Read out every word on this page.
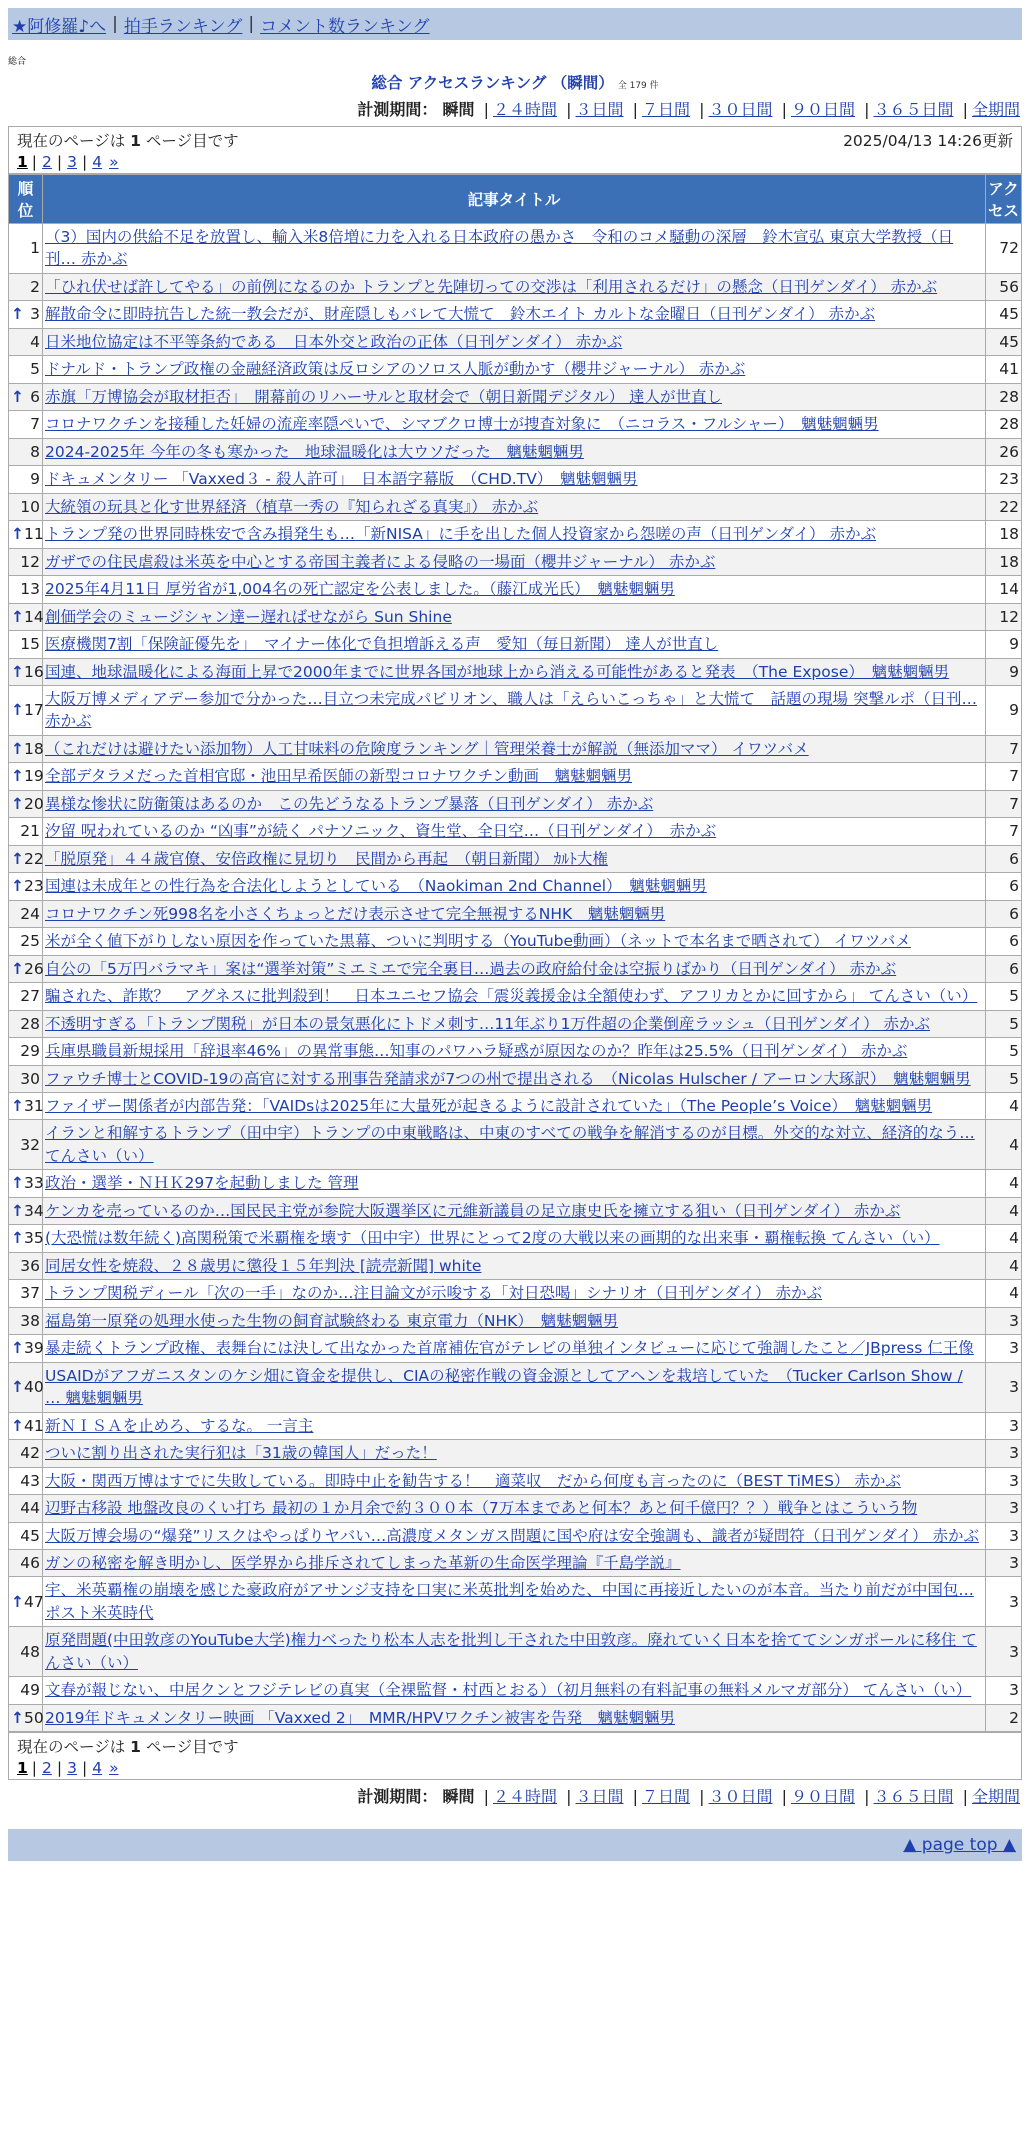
★阿修羅♪へ | 拍手ランキング | コメント数ランキング
総合
総合 アクセスランキング （瞬間） 全 179 件
計測期間： 瞬間 | ２４時間 | ３日間 | ７日間 | ３０日間 | ９０日間 | ３６５日間 | 全期間
現在のページは 1 ページ目です	2025/04/13 14:26更新
1 | 2 | 3 | 4 »
順位	記事タイトル	アクセス
1	（3）国内の供給不足を放置し、輸入米8倍増に力を入れる日本政府の愚かさ　令和のコメ騒動の深層　鈴木宣弘 東京大学教授（日刊… 赤かぶ	72
2	「ひれ伏せば許してやる」の前例になるのか トランプと先陣切っての交渉は「利用されるだけ」の懸念（日刊ゲンダイ） 赤かぶ	56

↑ 3	解散命令に即時抗告した統一教会だが、財産隠しもバレて大慌て　鈴木エイト カルトな金曜日（日刊ゲンダイ） 赤かぶ	45
4	日米地位協定は不平等条約である　日本外交と政治の正体（日刊ゲンダイ） 赤かぶ	45
5	ドナルド・トランプ政権の金融経済政策は反ロシアのソロス人脈が動かす（櫻井ジャーナル） 赤かぶ	41

↑ 6	赤旗「万博協会が取材拒否」　開幕前のリハーサルと取材会で（朝日新聞デジタル） 達人が世直し	28
7	コロナワクチンを接種した妊婦の流産率隠ぺいで、シマブクロ博士が捜査対象に　（ニコラス・フルシャー）　魑魅魍魎男	28
8	2024-2025年 今年の冬も寒かった　地球温暖化は大ウソだった　魑魅魍魎男	26
9	ドキュメンタリー 「Vaxxed３ - 殺人許可」　日本語字幕版　（CHD.TV）　魑魅魍魎男	23
10	大統領の玩具と化す世界経済（植草一秀の『知られざる真実』） 赤かぶ	22

↑ 11	トランプ発の世界同時株安で含み損発生も…「新NISA」に手を出した個人投資家から怨嗟の声（日刊ゲンダイ） 赤かぶ	18
12	ガザでの住民虐殺は米英を中心とする帝国主義者による侵略の一場面（櫻井ジャーナル） 赤かぶ	18
13	2025年4月11日 厚労省が1,004名の死亡認定を公表しました。（藤江成光氏）　魑魅魍魎男	14

↑ 14	創価学会のミュージシャン達ー遅ればせながら Sun Shine	12
15	医療機関7割「保険証優先を」　マイナー体化で負担増訴える声　愛知（毎日新聞） 達人が世直し	9

↑ 16	国連、地球温暖化による海面上昇で2000年までに世界各国が地球上から消える可能性があると発表　（The Expose）　魑魅魍魎男	9

↑ 17	大阪万博メディアデー参加で分かった…目立つ未完成パビリオン、職人は「えらいこっちゃ」と大慌て　話題の現場 突撃ルポ（日刊… 赤かぶ	9

↑ 18	（これだけは避けたい添加物）人工甘味料の危険度ランキング｜管理栄養士が解説（無添加ママ） イワツバメ	7

↑ 19	全部デタラメだった首相官邸・池田早希医師の新型コロナワクチン動画　魑魅魍魎男	7

↑ 20	異様な惨状に防衛策はあるのか　この先どうなるトランプ暴落（日刊ゲンダイ） 赤かぶ	7
21	汐留 呪われているのか “凶事”が続く パナソニック、資生堂、全日空…（日刊ゲンダイ）　赤かぶ	7

↑ 22	「脱原発」４４歳官僚、安倍政権に見切り　民間から再起　（朝日新聞） ｶﾙﾄ大権	6

↑ 23	国連は未成年との性行為を合法化しようとしている　（Naokiman 2nd Channel）　魑魅魍魎男	6
24	コロナワクチン死998名を小さくちょっとだけ表示させて完全無視するNHK　魑魅魍魎男	6
25	米が全く値下がりしない原因を作っていた黒幕、ついに判明する（YouTube動画）（ネットで本名まで晒されて） イワツバメ	6

↑ 26	自公の「5万円バラマキ」案は“選挙対策”ミエミエで完全裏目…過去の政府給付金は空振りばかり（日刊ゲンダイ） 赤かぶ	6
27	騙された、詐欺？　アグネスに批判殺到！　日本ユニセフ協会「震災義援金は全額使わず、アフリカとかに回すから」 てんさい（い）	5
28	不透明すぎる「トランプ関税」が日本の景気悪化にトドメ刺す…11年ぶり1万件超の企業倒産ラッシュ（日刊ゲンダイ） 赤かぶ	5
29	兵庫県職員新規採用「辞退率46%」の異常事態…知事のパワハラ疑惑が原因なのか？昨年は25.5%（日刊ゲンダイ） 赤かぶ	5
30	ファウチ博士とCOVID-19の高官に対する刑事告発請求が7つの州で提出される　（Nicolas Hulscher / アーロン大琢訳）　魑魅魍魎男	5

↑ 31	ファイザー関係者が内部告発：「VAIDsは2025年に大量死が起きるように設計されていた」（The People’s Voice）　魑魅魍魎男	4
32	イランと和解するトランプ（田中宇）トランプの中東戦略は、中東のすべての戦争を解消するのが目標。外交的な対立、経済的なう… てんさい（い）	4

↑ 33	政治・選挙・ＮＨＫ297を起動しました 管理	4

↑ 34	ケンカを売っているのか…国民民主党が参院大阪選挙区に元維新議員の足立康史氏を擁立する狙い（日刊ゲンダイ） 赤かぶ	4

↑ 35	(大恐慌は数年続く)高関税策で米覇権を壊す（田中宇）世界にとって2度の大戦以来の画期的な出来事・覇権転換 てんさい（い）	4
36	同居女性を焼殺、２８歳男に懲役１５年判決 [読売新聞] white	4
37	トランプ関税ディール「次の一手」なのか…注目論文が示唆する「対日恐喝」シナリオ（日刊ゲンダイ） 赤かぶ	4
38	福島第一原発の処理水使った生物の飼育試験終わる 東京電力（NHK）　魑魅魍魎男	3

↑ 39	暴走続くトランプ政権、表舞台には決して出なかった首席補佐官がテレビの単独インタビューに応じて強調したこと／JBpress 仁王像	3

↑ 40	USAIDがアフガニスタンのケシ畑に資金を提供し、CIAの秘密作戦の資金源としてアヘンを栽培していた　（Tucker Carlson Show / … 魑魅魍魎男	3

↑ 41	新ＮＩＳＡを止めろ、するな。 一言主	3
42	ついに割り出された実行犯は「31歳の韓国人」だった！	3
43	大阪・関西万博はすでに失敗している。即時中止を勧告する！　適菜収　だから何度も言ったのに（BEST TiMES） 赤かぶ	3
44	辺野古移設 地盤改良のくい打ち 最初の１か月余で約３００本（7万本まであと何本？あと何千億円？？）戦争とはこういう物	3
45	大阪万博会場の“爆発”リスクはやっぱりヤバい…高濃度メタンガス問題に国や府は安全強調も、識者が疑問符（日刊ゲンダイ） 赤かぶ	3
46	ガンの秘密を解き明かし、医学界から排斥されてしまった革新の生命医学理論『千島学説』	3

↑ 47	宇、米英覇権の崩壊を感じた豪政府がアサンジ支持を口実に米英批判を始めた、中国に再接近したいのが本音。当たり前だが中国包… ポスト米英時代	3
48	原発問題(中田敦彦のYouTube大学)権力べったり松本人志を批判し干された中田敦彦。廃れていく日本を捨ててシンガポールに移住 てんさい（い）	3
49	文春が報じない、中居クンとフジテレビの真実（全裸監督・村西とおる）（初月無料の有料記事の無料メルマガ部分） てんさい（い）	3

↑ 50	2019年ドキュメンタリー映画 「Vaxxed 2」　MMR/HPVワクチン被害を告発　魑魅魍魎男	2
現在のページは 1 ページ目です
1 | 2 | 3 | 4 »
計測期間： 瞬間 | ２４時間 | ３日間 | ７日間 | ３０日間 | ９０日間 | ３６５日間 | 全期間
▲ page top ▲
